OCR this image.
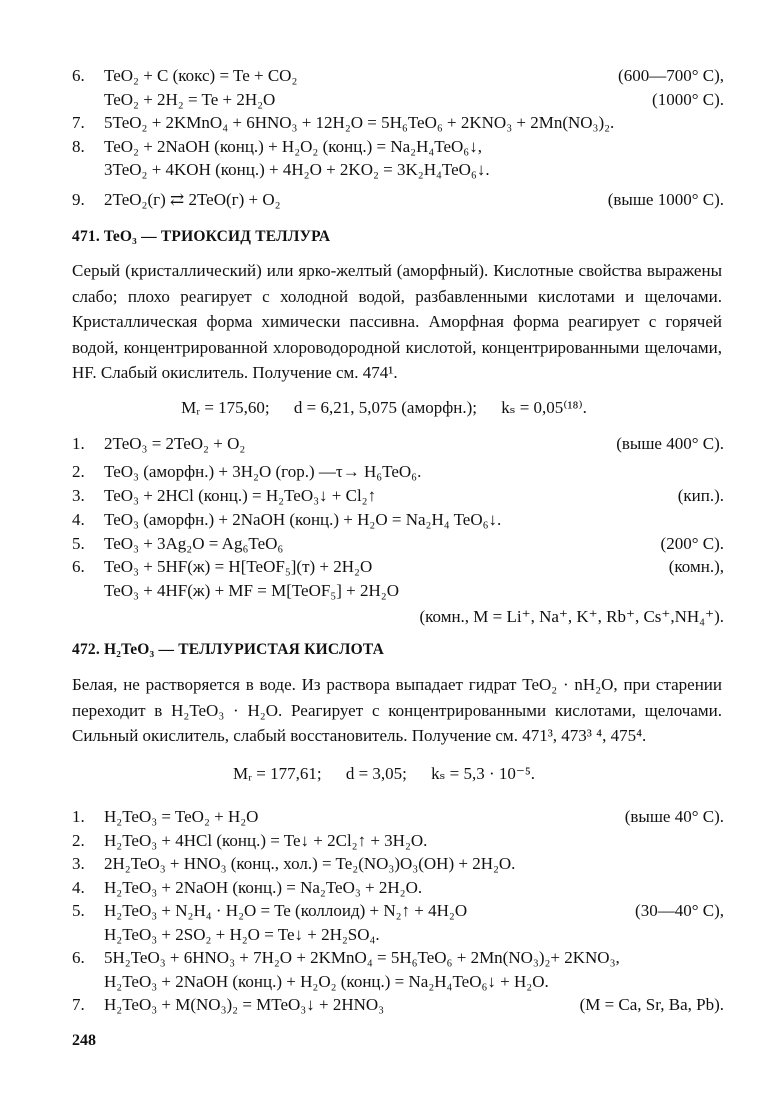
6. TeO₂ + C (кокс) = Te + CO₂	(600—700° C),
TeO₂ + 2H₂ = Te + 2H₂O	(1000° C).
7. 5TeO₂ + 2KMnO₄ + 6HNO₃ + 12H₂O = 5H₆TeO₆ + 2KNO₃ + 2Mn(NO₃)₂.
8. TeO₂ + 2NaOH (конц.) + H₂O₂ (конц.) = Na₂H₄TeO₆↓,
3TeO₂ + 4KOH (конц.) + 4H₂O + 2KO₂ = 3K₂H₄TeO₆↓.
9. 2TeO₂(г) ⇄ 2TeO(г) + O₂	(выше 1000° C).
471. TeO₃ — ТРИОКСИД ТЕЛЛУРА
Серый (кристаллический) или ярко-желтый (аморфный). Кислотные свойства выражены слабо; плохо реагирует с холодной водой, разбавленными кислотами и щелочами. Кристаллическая форма химически пассивна. Аморфная форма реагирует с горячей водой, концентрированной хлороводородной кислотой, концентрированными щелочами, HF. Слабый окислитель. Получение см. 474¹.
Mᵣ = 175,60; d = 6,21, 5,075 (аморфн.); kₛ = 0,05⁽¹⁸⁾.
1. 2TeO₃ = 2TeO₂ + O₂	(выше 400° C).
2. TeO₃ (аморфн.) + 3H₂O (гор.) —τ→ H₆TeO₆.
3. TeO₃ + 2HCl (конц.) = H₂TeO₃↓ + Cl₂↑	(кип.).
4. TeO₃ (аморфн.) + 2NaOH (конц.) + H₂O = Na₂H₄ TeO₆↓.
5. TeO₃ + 3Ag₂O = Ag₆TeO₆	(200° C).
6. TeO₃ + 5HF(ж) = H[TeOF₅](т) + 2H₂O	(комн.),
TeO₃ + 4HF(ж) + MF = M[TeOF₅] + 2H₂O
(комн., M = Li⁺, Na⁺, K⁺, Rb⁺, Cs⁺,NH₄⁺).
472. H₂TeO₃ — ТЕЛЛУРИСТАЯ КИСЛОТА
Белая, не растворяется в воде. Из раствора выпадает гидрат TeO₂ · nH₂O, при старении переходит в H₂TeO₃ · H₂O. Реагирует с концентрированными кислотами, щелочами. Сильный окислитель, слабый восстановитель. Получение см. 471³, 473³ ⁴, 475⁴.
Mᵣ = 177,61; d = 3,05; kₛ = 5,3 · 10⁻⁵.
1. H₂TeO₃ = TeO₂ + H₂O	(выше 40° C).
2. H₂TeO₃ + 4HCl (конц.) = Te↓ + 2Cl₂↑ + 3H₂O.
3. 2H₂TeO₃ + HNO₃ (конц., хол.) = Te₂(NO₃)O₃(OH) + 2H₂O.
4. H₂TeO₃ + 2NaOH (конц.) = Na₂TeO₃ + 2H₂O.
5. H₂TeO₃ + N₂H₄ · H₂O = Te (коллоид) + N₂↑ + 4H₂O	(30—40° C),
H₂TeO₃ + 2SO₂ + H₂O = Te↓ + 2H₂SO₄.
6. 5H₂TeO₃ + 6HNO₃ + 7H₂O + 2KMnO₄ = 5H₆TeO₆ + 2Mn(NO₃)₂+ 2KNO₃,
H₂TeO₃ + 2NaOH (конц.) + H₂O₂ (конц.) = Na₂H₄TeO₆↓ + H₂O.
7. H₂TeO₃ + M(NO₃)₂ = MTeO₃↓ + 2HNO₃	(M = Ca, Sr, Ba, Pb).
248
